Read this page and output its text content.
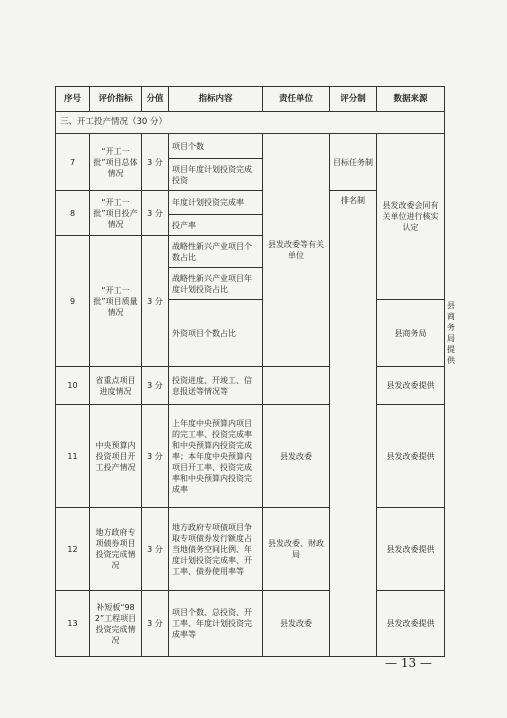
序号	评价指标	分值	指标内容	责任单位	评分制	数据来源	
三、开工投产情况（30 分）							
7	“开工一批”项目总体情况	3 分	项目个数	县发改委等有关单位	目标任务制	县发改委会同有关单位进行核实认定	
			项目年度计划投资完成投资				
8	“开工一批”项目投产情况	3 分	年度计划投资完成率		排名制		
			投产率				
9	“开工一批”项目质量情况	3 分	战略性新兴产业项目个数占比				
			战略性新兴产业项目年度计划投资占比				
			外资项目个数占比			县商务局	县商务局提供
10	省重点项目进度情况	3 分	投资进度、开竣工、信息报送等情况等			县发改委提供	
11	中央预算内投资项目开工投产情况	3 分	上年度中央预算内项目的完工率、投资完成率和中央预算内投资完成率；本年度中央预算内项目开工率、投资完成率和中央预算内投资完成率	县发改委		县发改委提供	
12	地方政府专项债券项目投资完成情况	3 分	地方政府专项债项目争取专项债券发行额度占当地债务空间比例、年度计划投资完成率、开工率、债券使用率等	县发改委、财政局		县发改委提供	
13	补短板“982”工程项目投资完成情况	3 分	项目个数、总投资、开工率、年度计划投资完成率等	县发改委		县发改委提供	
— 13 —
